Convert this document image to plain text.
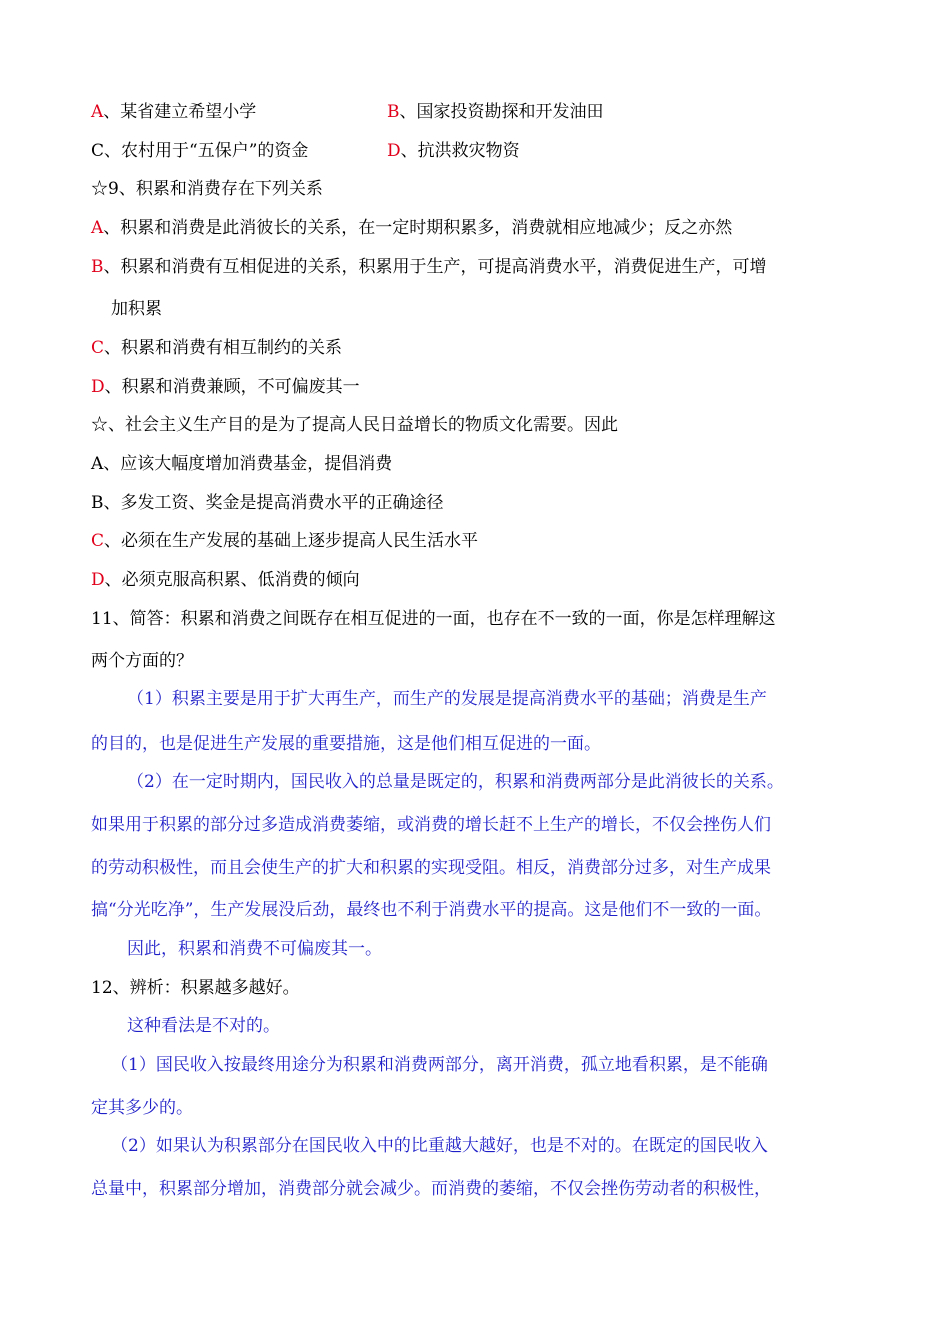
A、某省建立希望小学	B、国家投资勘探和开发油田
C、农村用于“五保户”的资金	D、抗洪救灾物资
☆9、积累和消费存在下列关系
A、积累和消费是此消彼长的关系，在一定时期积累多，消费就相应地减少；反之亦然
B、积累和消费有互相促进的关系，积累用于生产，可提高消费水平，消费促进生产，可增
加积累
C、积累和消费有相互制约的关系
D、积累和消费兼顾，不可偏废其一
☆、社会主义生产目的是为了提高人民日益增长的物质文化需要。因此
A、应该大幅度增加消费基金，提倡消费
B、多发工资、奖金是提高消费水平的正确途径
C、必须在生产发展的基础上逐步提高人民生活水平
D、必须克服高积累、低消费的倾向
11、简答：积累和消费之间既存在相互促进的一面，也存在不一致的一面，你是怎样理解这
两个方面的？
（1）积累主要是用于扩大再生产，而生产的发展是提高消费水平的基础；消费是生产
的目的，也是促进生产发展的重要措施，这是他们相互促进的一面。
（2）在一定时期内，国民收入的总量是既定的，积累和消费两部分是此消彼长的关系。
如果用于积累的部分过多造成消费萎缩，或消费的增长赶不上生产的增长，不仅会挫伤人们
的劳动积极性，而且会使生产的扩大和积累的实现受阻。相反，消费部分过多，对生产成果
搞“分光吃净”，生产发展没后劲，最终也不利于消费水平的提高。这是他们不一致的一面。
因此，积累和消费不可偏废其一。
12、辨析：积累越多越好。
这种看法是不对的。
（1）国民收入按最终用途分为积累和消费两部分，离开消费，孤立地看积累，是不能确
定其多少的。
（2）如果认为积累部分在国民收入中的比重越大越好，也是不对的。在既定的国民收入
总量中，积累部分增加，消费部分就会减少。而消费的萎缩，不仅会挫伤劳动者的积极性，
